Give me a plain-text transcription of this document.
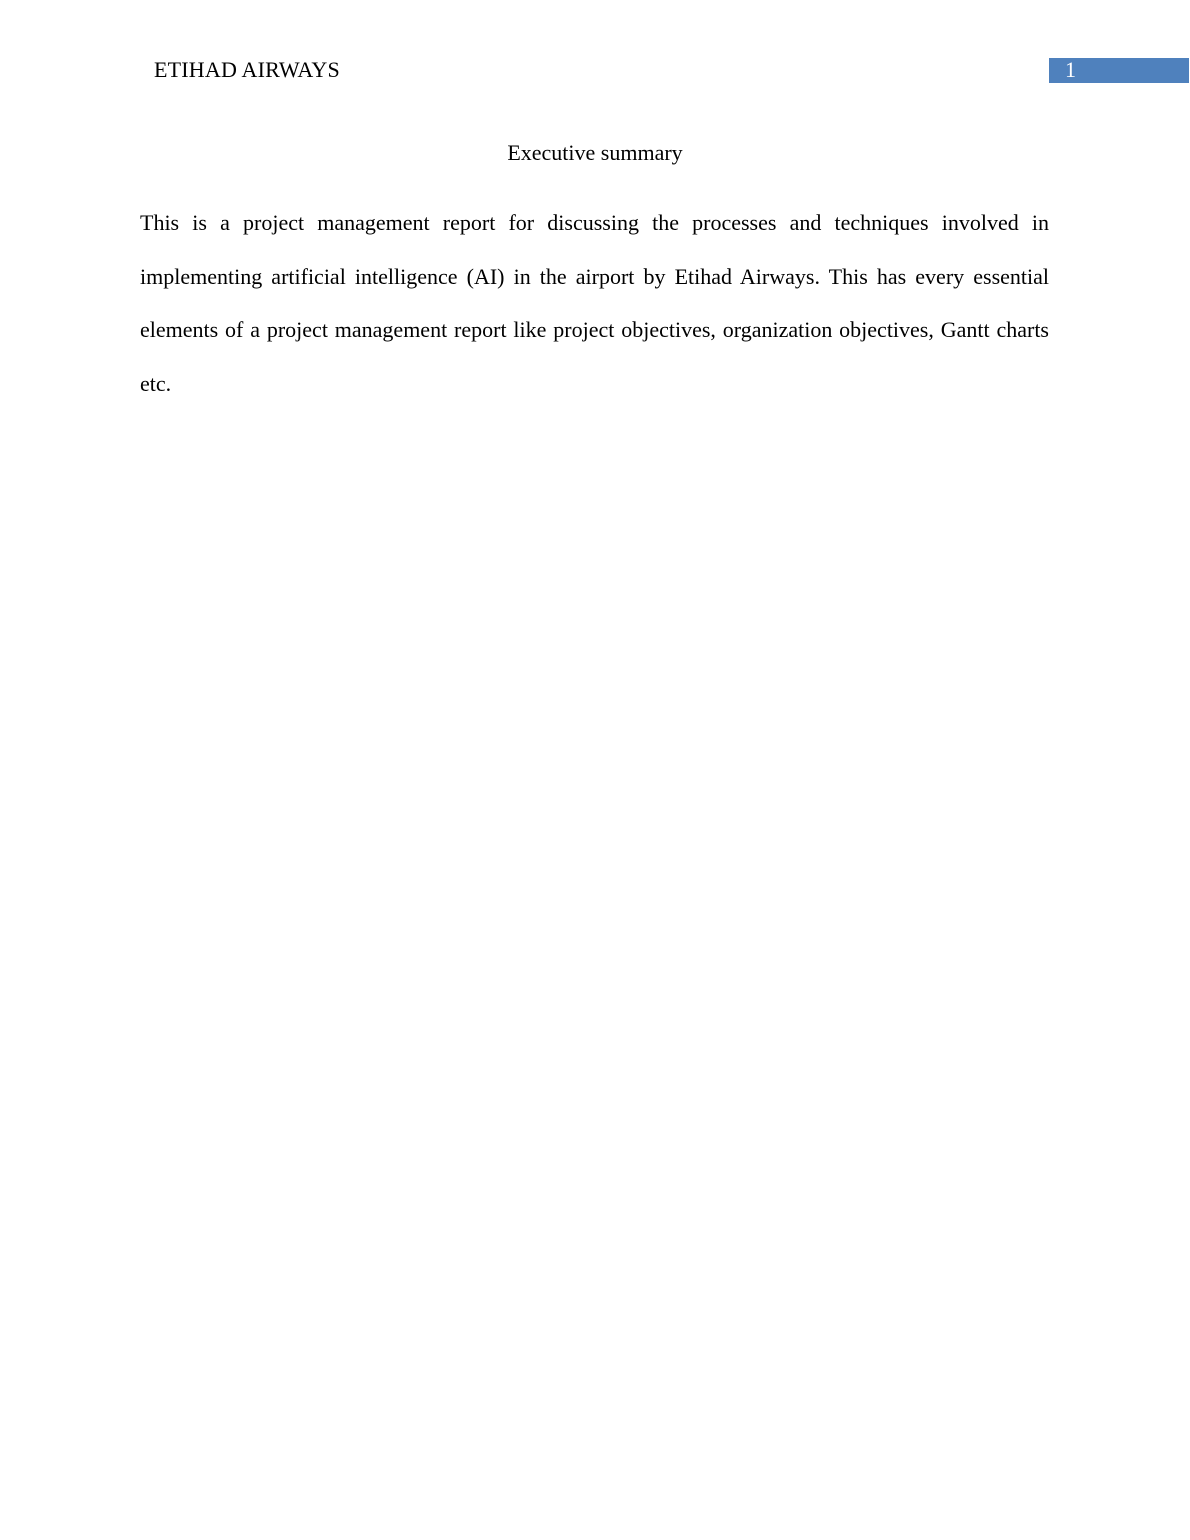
ETIHAD AIRWAYS	1
Executive summary

This is a project management report for discussing the processes and techniques involved in implementing artificial intelligence (AI) in the airport by Etihad Airways. This has every essential elements of a project management report like project objectives, organization objectives, Gantt charts etc.
